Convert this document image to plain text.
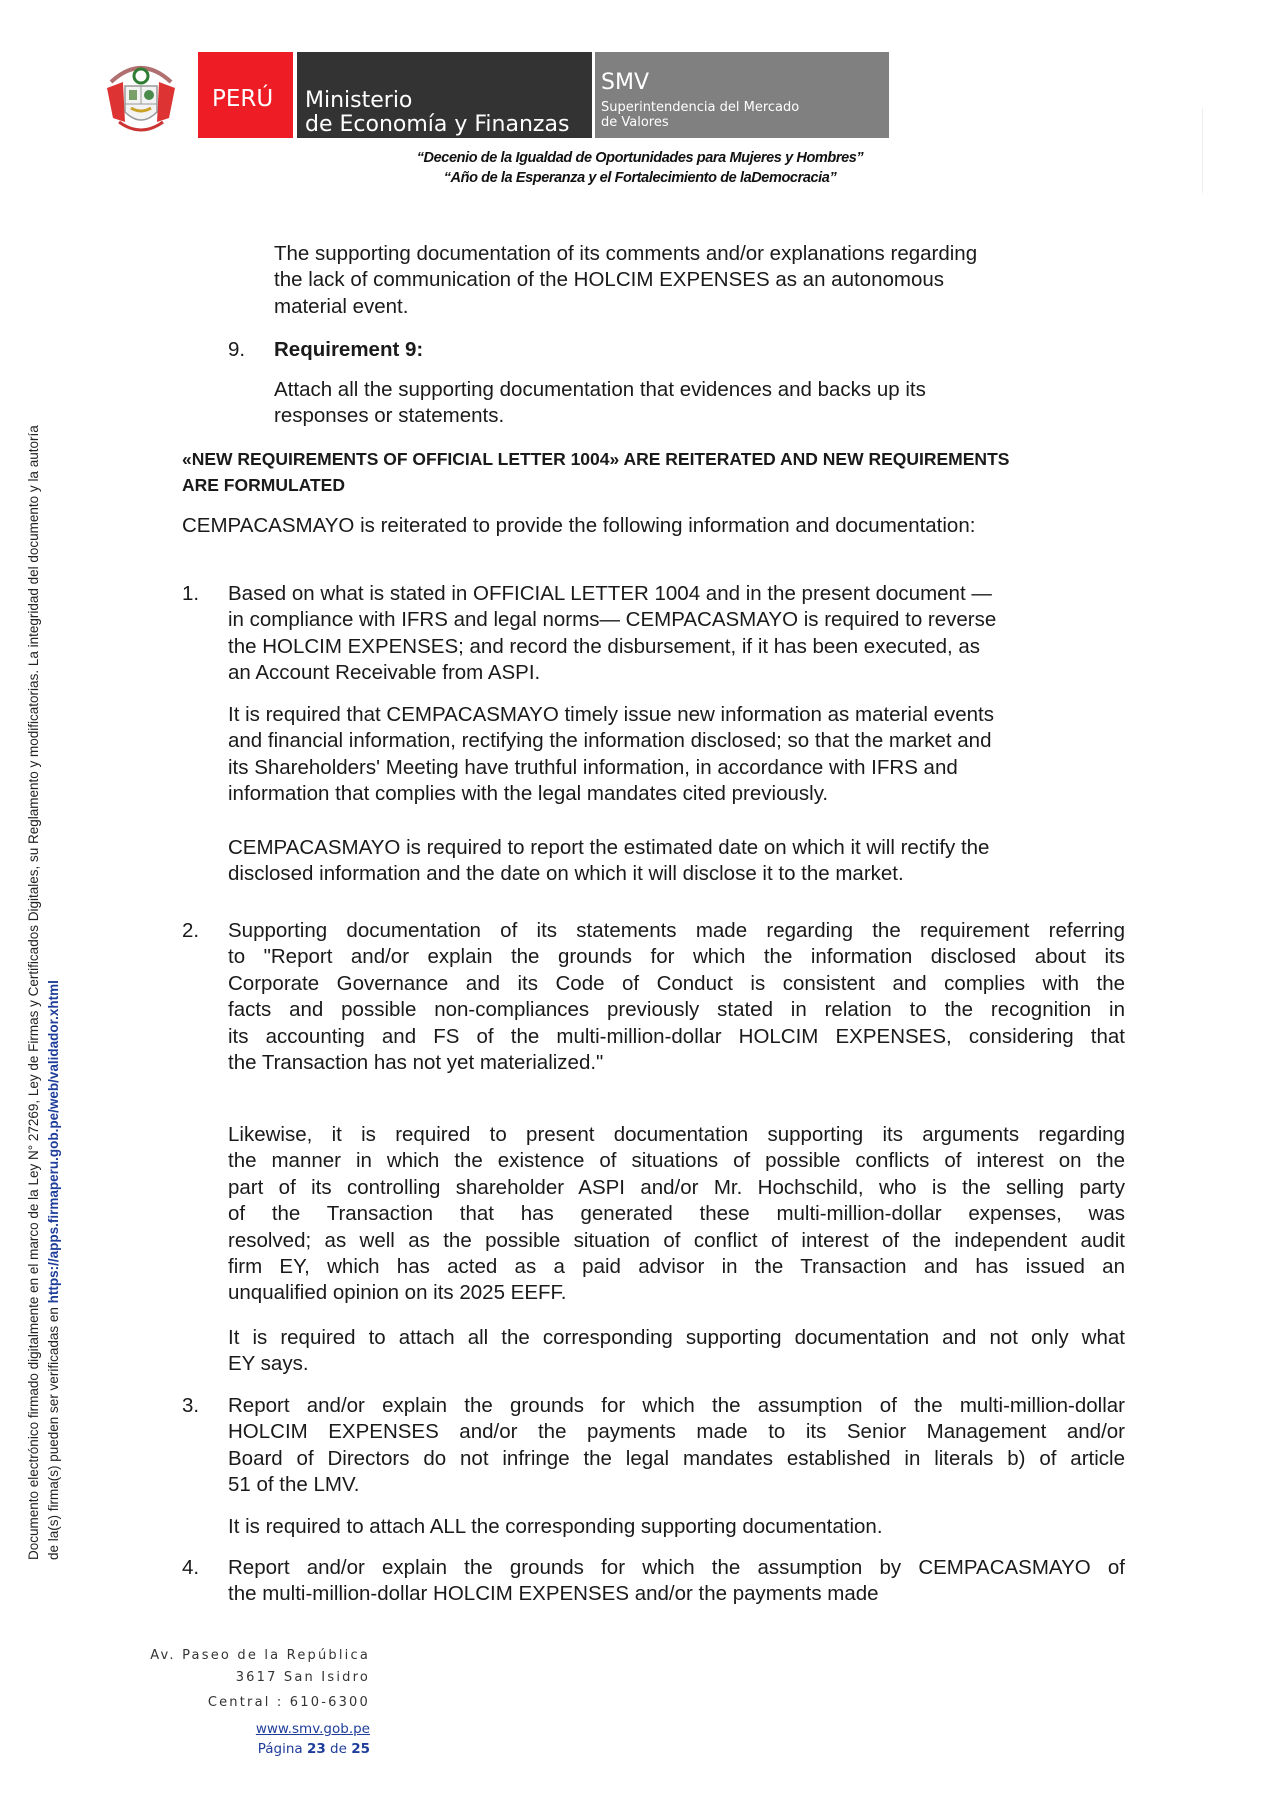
PERÚ Ministerio
de Economía y Finanzas
SMV
Superintendencia del Mercado
de Valores
“Decenio de la Igualdad de Oportunidades para Mujeres y Hombres”
“Año de la Esperanza y el Fortalecimiento de laDemocracia”
Documento electrónico firmado digitalmente en el marco de la Ley N° 27269, Ley de Firmas y Certificados Digitales, su Reglamento y modificatorias. La integridad del documento y la autoría de la(s) firma(s) pueden ser verificadas en https://apps.firmaperu.gob.pe/web/validador.xhtml
The supporting documentation of its comments and/or explanations regarding
the lack of communication of the HOLCIM EXPENSES as an autonomous
material event.
9. Requirement 9:
Attach all the supporting documentation that evidences and backs up its
responses or statements.
«NEW REQUIREMENTS OF OFFICIAL LETTER 1004» ARE REITERATED AND NEW REQUIREMENTS
ARE FORMULATED
CEMPACASMAYO is reiterated to provide the following information and documentation:
1. Based on what is stated in OFFICIAL LETTER 1004 and in the present document —
in compliance with IFRS and legal norms— CEMPACASMAYO is required to reverse
the HOLCIM EXPENSES; and record the disbursement, if it has been executed, as
an Account Receivable from ASPI.
It is required that CEMPACASMAYO timely issue new information as material events
and financial information, rectifying the information disclosed; so that the market and
its Shareholders' Meeting have truthful information, in accordance with IFRS and
information that complies with the legal mandates cited previously.
CEMPACASMAYO is required to report the estimated date on which it will rectify the
disclosed information and the date on which it will disclose it to the market.
2. Supporting documentation of its statements made regarding the requirement referring
to "Report and/or explain the grounds for which the information disclosed about its
Corporate Governance and its Code of Conduct is consistent and complies with the
facts and possible non-compliances previously stated in relation to the recognition in
its accounting and FS of the multi-million-dollar HOLCIM EXPENSES, considering that
the Transaction has not yet materialized."
Likewise, it is required to present documentation supporting its arguments regarding
the manner in which the existence of situations of possible conflicts of interest on the
part of its controlling shareholder ASPI and/or Mr. Hochschild, who is the selling party
of the Transaction that has generated these multi-million-dollar expenses, was
resolved; as well as the possible situation of conflict of interest of the independent audit
firm EY, which has acted as a paid advisor in the Transaction and has issued an
unqualified opinion on its 2025 EEFF.
It is required to attach all the corresponding supporting documentation and not only what
EY says.
3. Report and/or explain the grounds for which the assumption of the multi-million-dollar
HOLCIM EXPENSES and/or the payments made to its Senior Management and/or
Board of Directors do not infringe the legal mandates established in literals b) of article
51 of the LMV.
It is required to attach ALL the corresponding supporting documentation.
4. Report and/or explain the grounds for which the assumption by CEMPACASMAYO of
the multi-million-dollar HOLCIM EXPENSES and/or the payments made
Av. Paseo de la República
3617 San Isidro
Central : 610-6300
www.smv.gob.pe
Página 23 de 25
